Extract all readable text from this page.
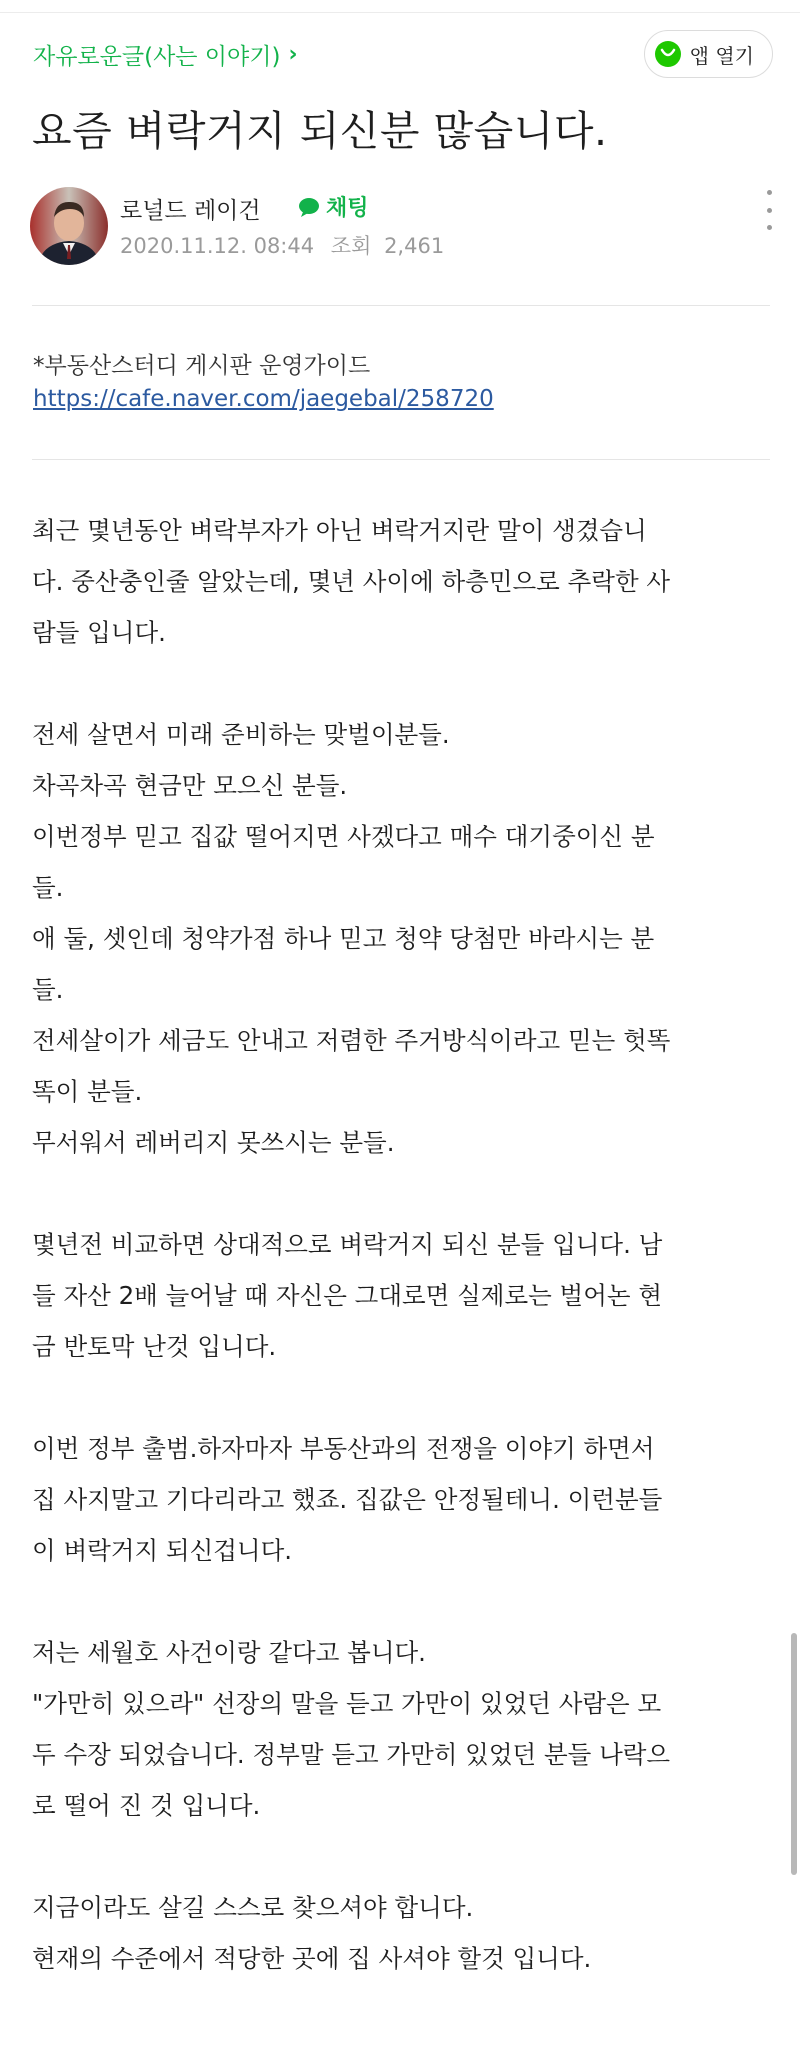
자유로운글(사는 이야기) ›	앱 열기
요즘 벼락거지 되신분 많습니다.
로널드 레이건	채팅
2020.11.12. 08:44 조회 2,461
*부동산스터디 게시판 운영가이드
https://cafe.naver.com/jaegebal/258720

최근 몇년동안 벼락부자가 아닌 벼락거지란 말이 생겼습니
다. 중산충인줄 알았는데, 몇년 사이에 하층민으로 추락한 사
람들 입니다.

전세 살면서 미래 준비하는 맞벌이분들.
차곡차곡 현금만 모으신 분들.
이번정부 믿고 집값 떨어지면 사겠다고 매수 대기중이신 분
들.
애 둘, 셋인데 청약가점 하나 믿고 청약 당첨만 바라시는 분
들.
전세살이가 세금도 안내고 저렴한 주거방식이라고 믿는 헛똑
똑이 분들.
무서워서 레버리지 못쓰시는 분들.

몇년전 비교하면 상대적으로 벼락거지 되신 분들 입니다. 남
들 자산 2배 늘어날 때 자신은 그대로면 실제로는 벌어논 현
금 반토막 난것 입니다.

이번 정부 출범.하자마자 부동산과의 전쟁을 이야기 하면서
집 사지말고 기다리라고 했죠. 집값은 안정될테니. 이런분들
이 벼락거지 되신겁니다.

저는 세월호 사건이랑 같다고 봅니다.
"가만히 있으라" 선장의 말을 듣고 가만이 있었던 사람은 모
두 수장 되었습니다. 정부말 듣고 가만히 있었던 분들 나락으
로 떨어 진 것 입니다.

지금이라도 살길 스스로 찾으셔야 합니다.
현재의 수준에서 적당한 곳에 집 사셔야 할것 입니다.
